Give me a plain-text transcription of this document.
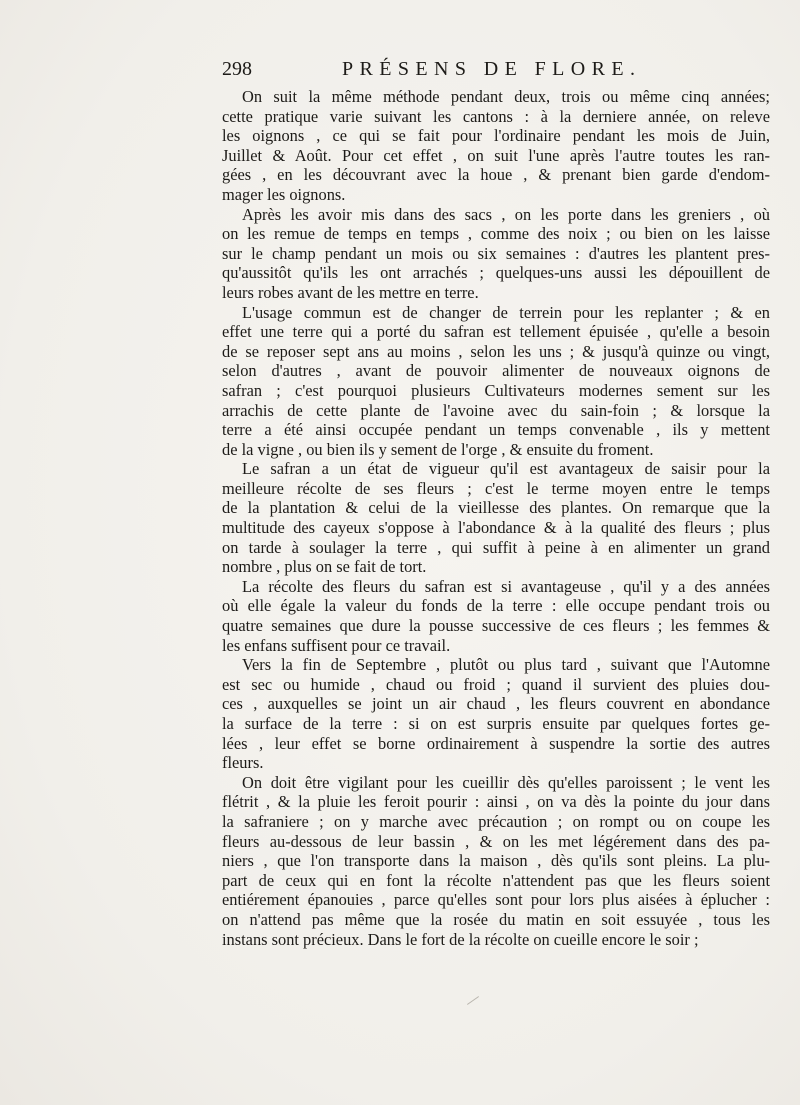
298	PRÉSENS DE FLORE.
On suit la même méthode pendant deux, trois ou même cinq années;
cette pratique varie suivant les cantons : à la derniere année, on releve
les oignons , ce qui se fait pour l'ordinaire pendant les mois de Juin,
Juillet & Août. Pour cet effet , on suit l'une après l'autre toutes les ran-
gées , en les découvrant avec la houe , & prenant bien garde d'endom-
mager les oignons.
Après les avoir mis dans des sacs , on les porte dans les greniers , où
on les remue de temps en temps , comme des noix ; ou bien on les laisse
sur le champ pendant un mois ou six semaines : d'autres les plantent pres-
qu'aussitôt qu'ils les ont arrachés ; quelques-uns aussi les dépouillent de
leurs robes avant de les mettre en terre.
L'usage commun est de changer de terrein pour les replanter ; & en
effet une terre qui a porté du safran est tellement épuisée , qu'elle a besoin
de se reposer sept ans au moins , selon les uns ; & jusqu'à quinze ou vingt,
selon d'autres , avant de pouvoir alimenter de nouveaux oignons de
safran ; c'est pourquoi plusieurs Cultivateurs modernes sement sur les
arrachis de cette plante de l'avoine avec du sain-foin ; & lorsque la
terre a été ainsi occupée pendant un temps convenable , ils y mettent
de la vigne , ou bien ils y sement de l'orge , & ensuite du froment.
Le safran a un état de vigueur qu'il est avantageux de saisir pour la
meilleure récolte de ses fleurs ; c'est le terme moyen entre le temps
de la plantation & celui de la vieillesse des plantes. On remarque que la
multitude des cayeux s'oppose à l'abondance & à la qualité des fleurs ; plus
on tarde à soulager la terre , qui suffit à peine à en alimenter un grand
nombre , plus on se fait de tort.
La récolte des fleurs du safran est si avantageuse , qu'il y a des années
où elle égale la valeur du fonds de la terre : elle occupe pendant trois ou
quatre semaines que dure la pousse successive de ces fleurs ; les femmes &
les enfans suffisent pour ce travail.
Vers la fin de Septembre , plutôt ou plus tard , suivant que l'Automne
est sec ou humide , chaud ou froid ; quand il survient des pluies dou-
ces , auxquelles se joint un air chaud , les fleurs couvrent en abondance
la surface de la terre : si on est surpris ensuite par quelques fortes ge-
lées , leur effet se borne ordinairement à suspendre la sortie des autres
fleurs.
On doit être vigilant pour les cueillir dès qu'elles paroissent ; le vent les
flétrit , & la pluie les feroit pourir : ainsi , on va dès la pointe du jour dans
la safraniere ; on y marche avec précaution ; on rompt ou on coupe les
fleurs au-dessous de leur bassin , & on les met légérement dans des pa-
niers , que l'on transporte dans la maison , dès qu'ils sont pleins. La plu-
part de ceux qui en font la récolte n'attendent pas que les fleurs soient
entiérement épanouies , parce qu'elles sont pour lors plus aisées à éplucher :
on n'attend pas même que la rosée du matin en soit essuyée , tous les
instans sont précieux. Dans le fort de la récolte on cueille encore le soir ;
